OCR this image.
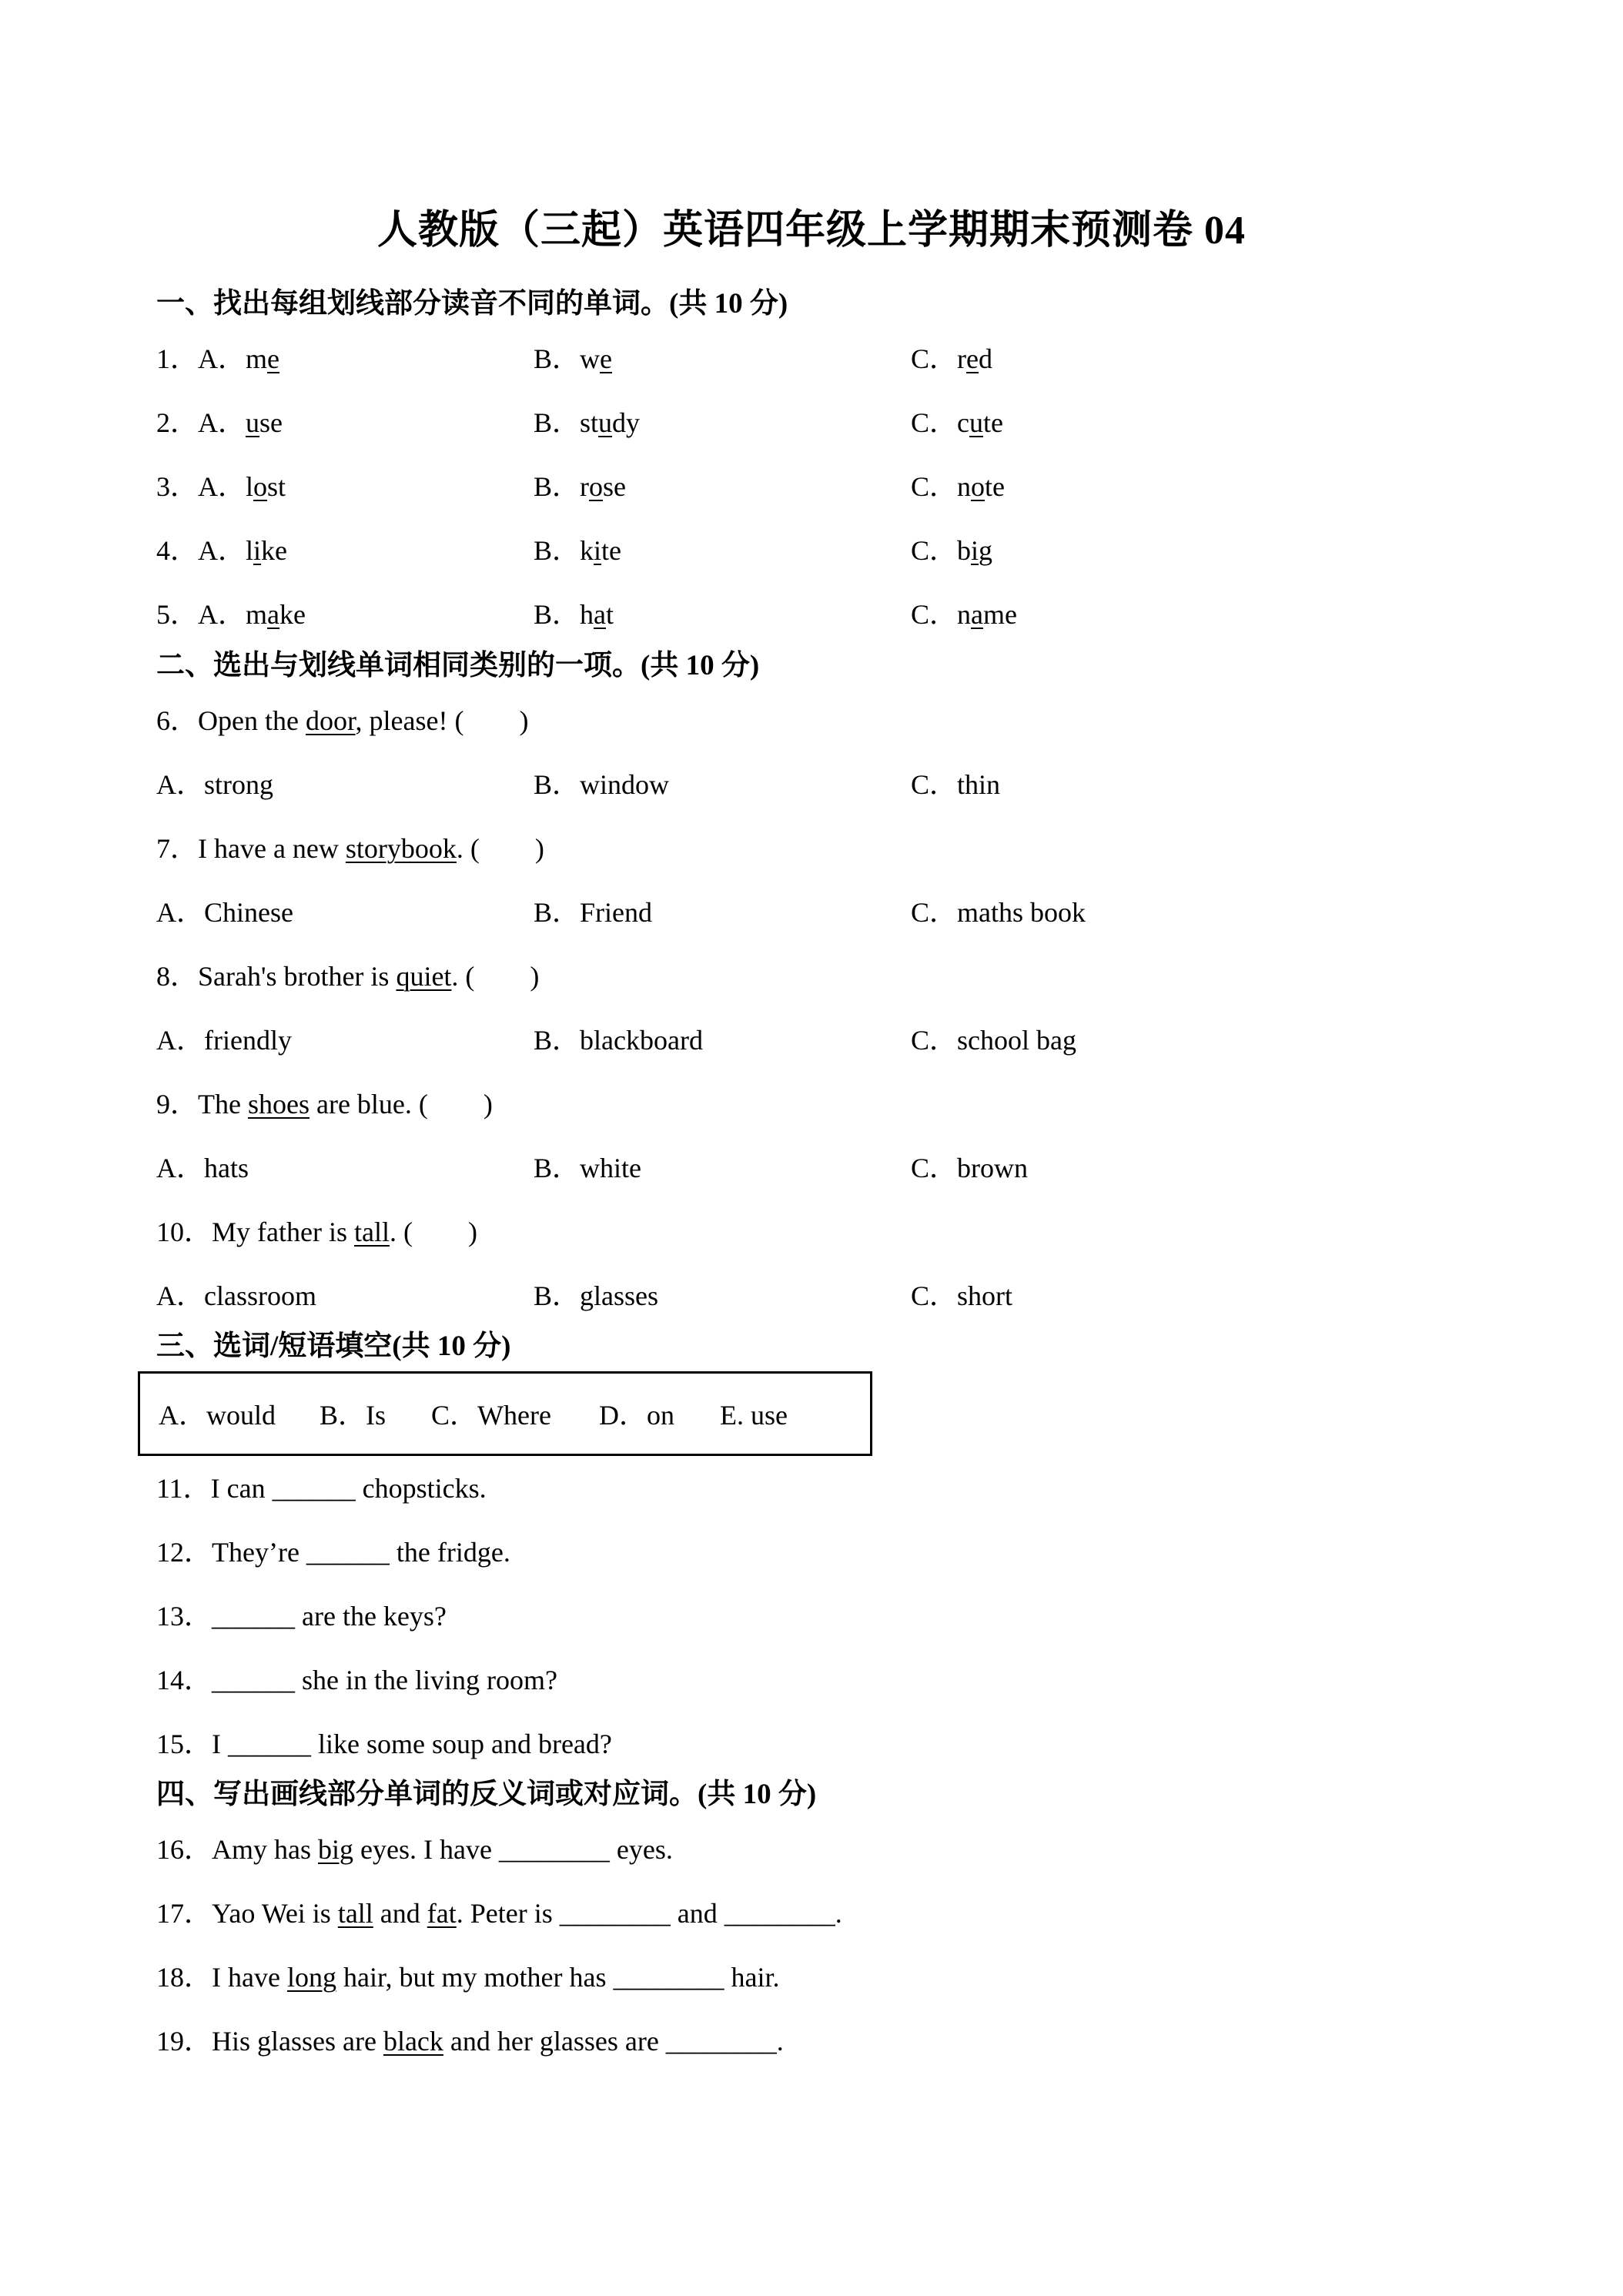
人教版（三起）英语四年级上学期期末预测卷 04
一、找出每组划线部分读音不同的单词。(共 10 分)
1．A．me	B．we	C．red
2．A．use	B．study	C．cute
3．A．lost	B．rose	C．note
4．A．like	B．kite	C．big
5．A．make	B．hat	C．name
二、选出与划线单词相同类别的一项。(共 10 分)
6．Open the door, please! (　　)
A．strong	B．window	C．thin
7．I have a new storybook. (　　)
A．Chinese	B．Friend	C．maths book
8．Sarah's brother is quiet. (　　)
A．friendly	B．blackboard	C．school bag
9．The shoes are blue. (　　)
A．hats	B．white	C．brown
10．My father is tall. (　　)
A．classroom	B．glasses	C．short
三、选词/短语填空(共 10 分)
A．would B．Is C．Where D．on E. use
11．I can ______ chopsticks.
12．They’re ______ the fridge.
13．______ are the keys?
14．______ she in the living room?
15．I ______ like some soup and bread?
四、写出画线部分单词的反义词或对应词。(共 10 分)
16．Amy has big eyes. I have ________ eyes.
17．Yao Wei is tall and fat. Peter is ________ and ________.
18．I have long hair, but my mother has ________ hair.
19．His glasses are black and her glasses are ________.
